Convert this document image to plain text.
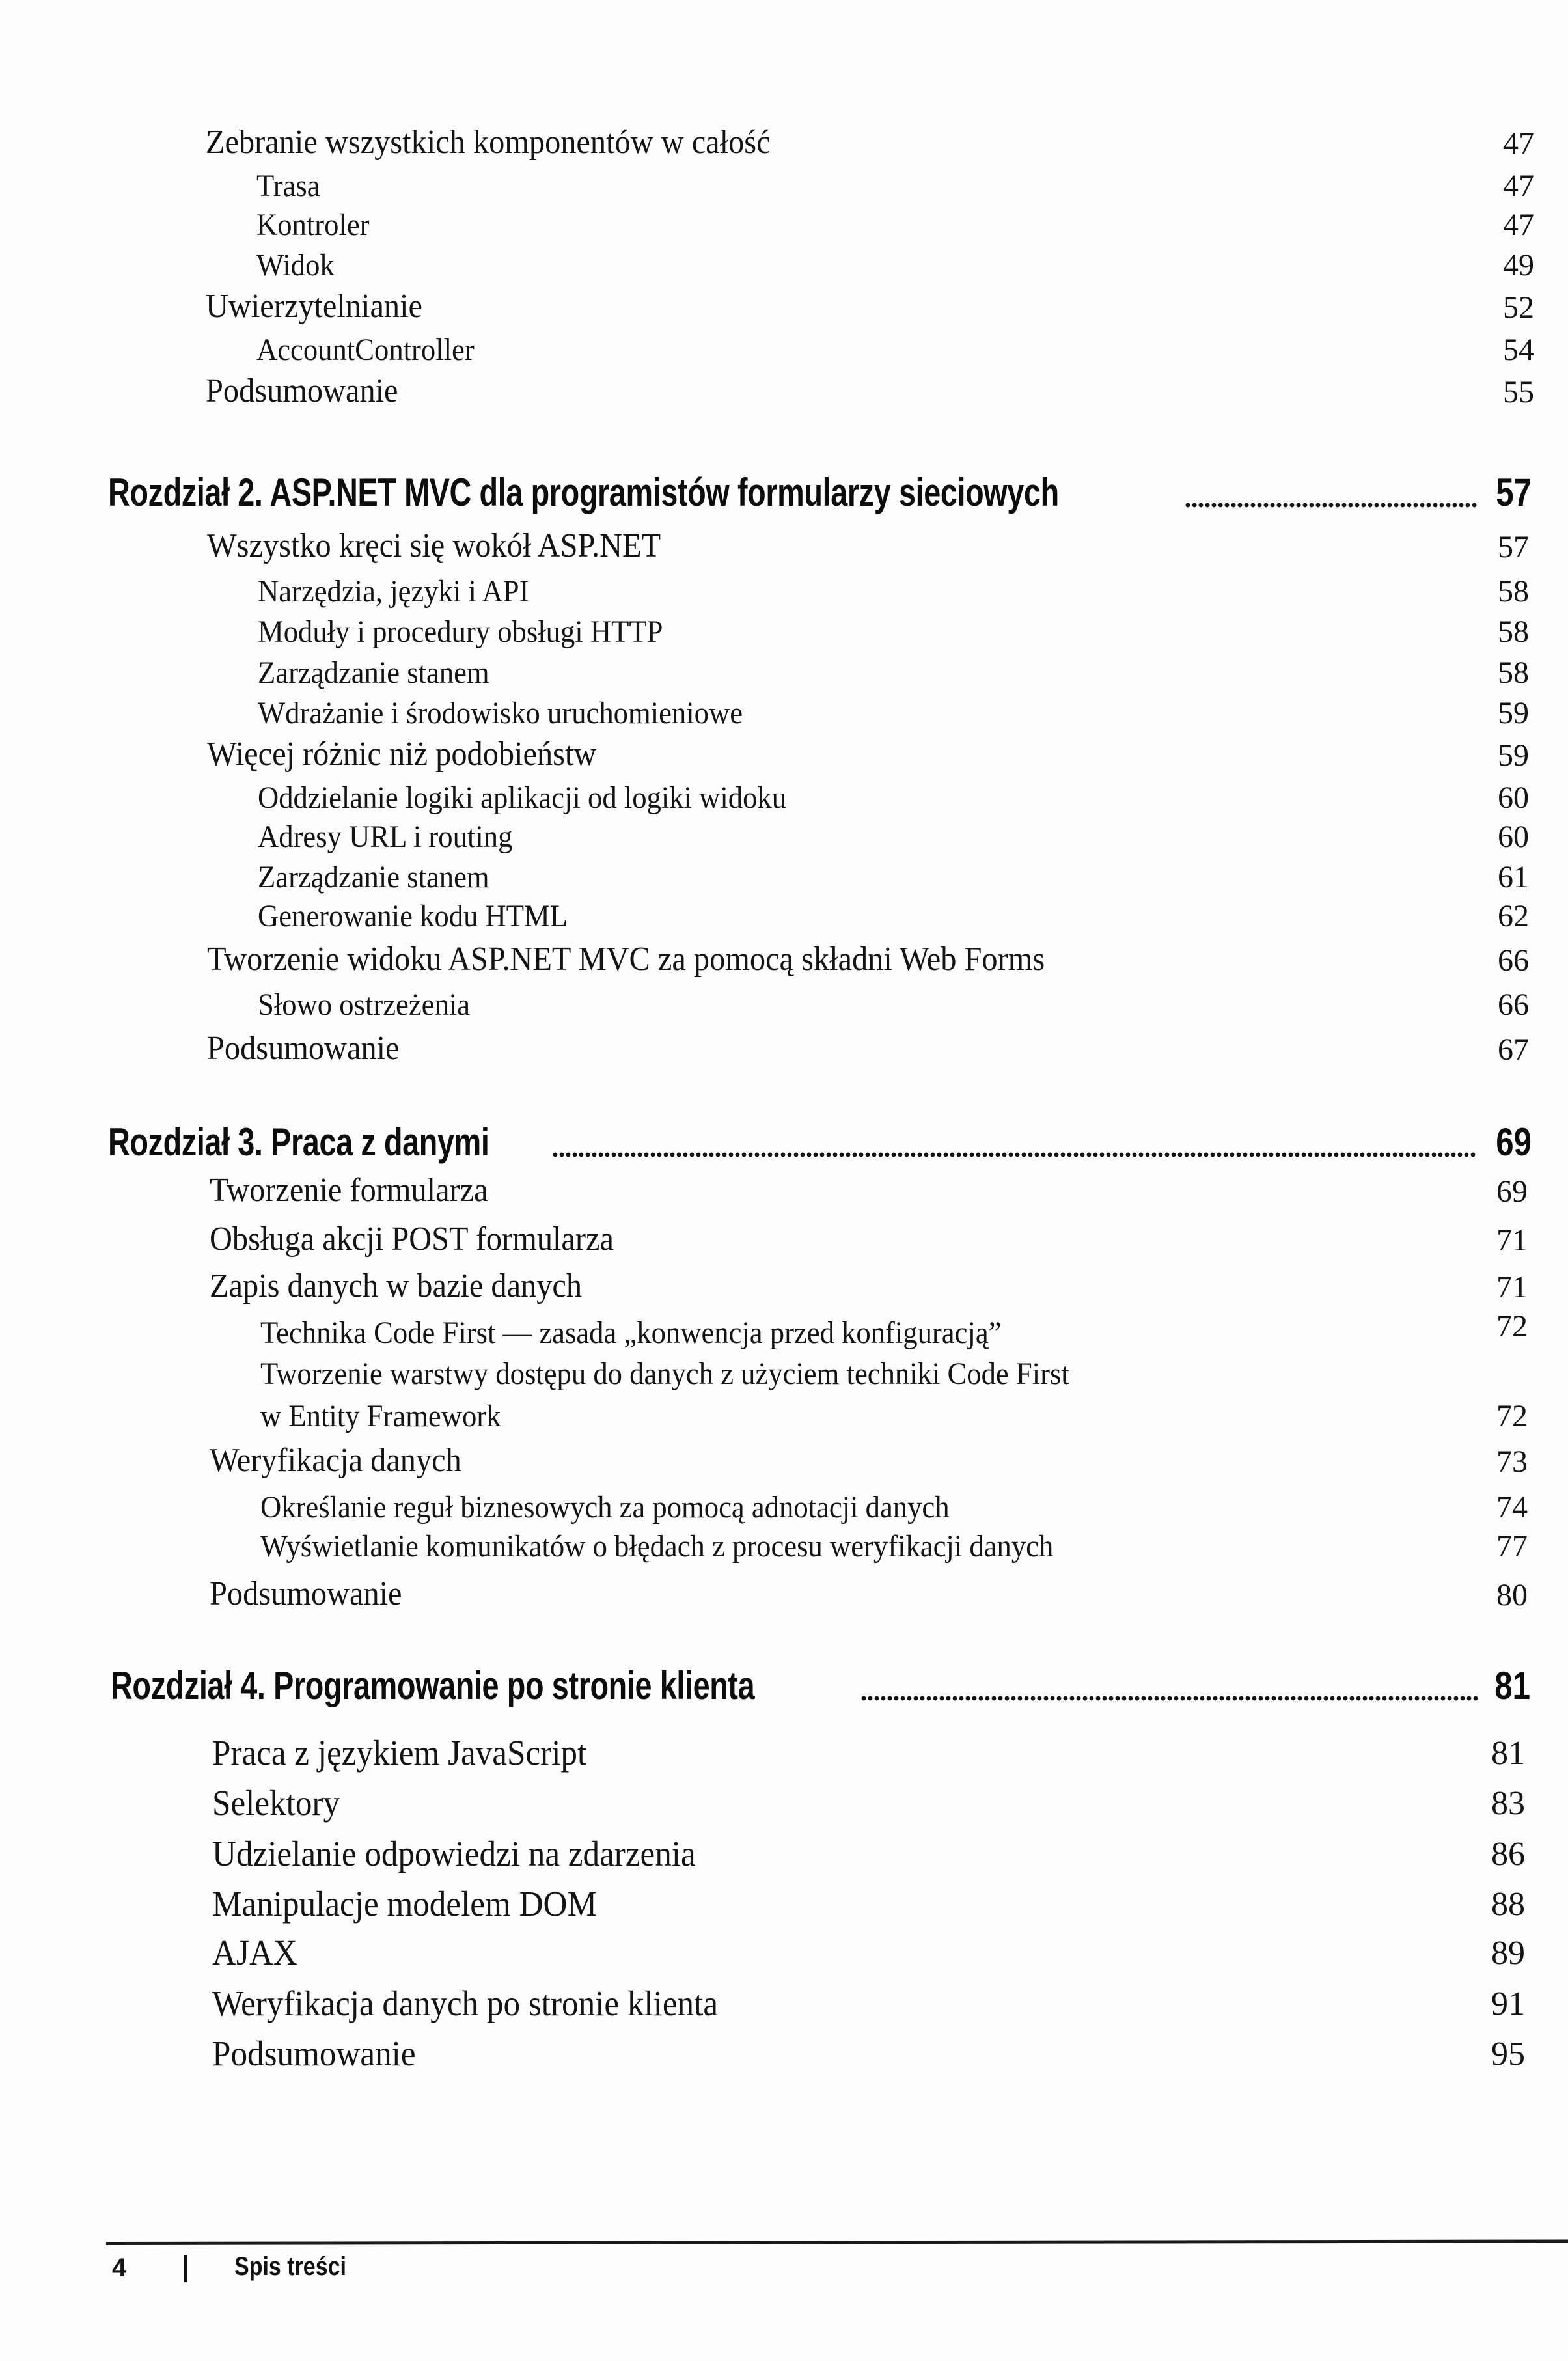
Zebranie wszystkich komponentów w całość	47
Trasa	47
Kontroler	47
Widok	49
Uwierzytelnianie	52
AccountController	54
Podsumowanie	55
Rozdział 2. ASP.NET MVC dla programistów formularzy sieciowych	57
Wszystko kręci się wokół ASP.NET	57
Narzędzia, języki i API	58
Moduły i procedury obsługi HTTP	58
Zarządzanie stanem	58
Wdrażanie i środowisko uruchomieniowe	59
Więcej różnic niż podobieństw	59
Oddzielanie logiki aplikacji od logiki widoku	60
Adresy URL i routing	60
Zarządzanie stanem	61
Generowanie kodu HTML	62
Tworzenie widoku ASP.NET MVC za pomocą składni Web Forms	66
Słowo ostrzeżenia	66
Podsumowanie	67
Rozdział 3. Praca z danymi	69
Tworzenie formularza	69
Obsługa akcji POST formularza	71
Zapis danych w bazie danych	71
Technika Code First — zasada „konwencja przed konfiguracją”	72
Tworzenie warstwy dostępu do danych z użyciem techniki Code First
w Entity Framework	72
Weryfikacja danych	73
Określanie reguł biznesowych za pomocą adnotacji danych	74
Wyświetlanie komunikatów o błędach z procesu weryfikacji danych	77
Podsumowanie	80
Rozdział 4. Programowanie po stronie klienta	81
Praca z językiem JavaScript	81
Selektory	83
Udzielanie odpowiedzi na zdarzenia	86
Manipulacje modelem DOM	88
AJAX	89
Weryfikacja danych po stronie klienta	91
Podsumowanie	95
4	Spis treści
